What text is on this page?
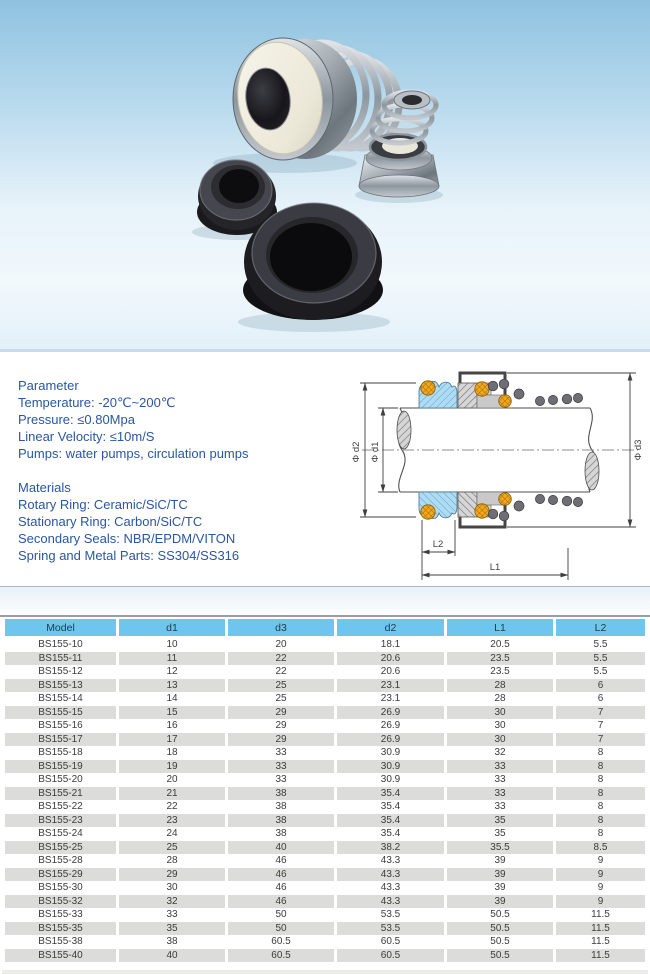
Parameter
Temperature: -20℃~200℃
Pressure: ≤0.80Mpa
Linear Velocity: ≤10m/S
Pumps: water pumps, circulation pumps
Materials
Rotary Ring: Ceramic/SiC/TC
Stationary Ring: Carbon/SiC/TC
Secondary Seals: NBR/EPDM/VITON
Spring and Metal Parts: SS304/SS316
Φ d2 Φ d1	Φ d3
L2
L1
Model	d1	d3	d2	L1	L2
BS155-10	10	20	18.1	20.5	5.5
BS155-11	11	22	20.6	23.5	5.5
BS155-12	12	22	20.6	23.5	5.5
BS155-13	13	25	23.1	28	6
BS155-14	14	25	23.1	28	6
BS155-15	15	29	26.9	30	7
BS155-16	16	29	26.9	30	7
BS155-17	17	29	26.9	30	7
BS155-18	18	33	30.9	32	8
BS155-19	19	33	30.9	33	8
BS155-20	20	33	30.9	33	8
BS155-21	21	38	35.4	33	8
BS155-22	22	38	35.4	33	8
BS155-23	23	38	35.4	35	8
BS155-24	24	38	35.4	35	8
BS155-25	25	40	38.2	35.5	8.5
BS155-28	28	46	43.3	39	9
BS155-29	29	46	43.3	39	9
BS155-30	30	46	43.3	39	9
BS155-32	32	46	43.3	39	9
BS155-33	33	50	53.5	50.5	11.5
BS155-35	35	50	53.5	50.5	11.5
BS155-38	38	60.5	60.5	50.5	11.5
BS155-40	40	60.5	60.5	50.5	11.5
